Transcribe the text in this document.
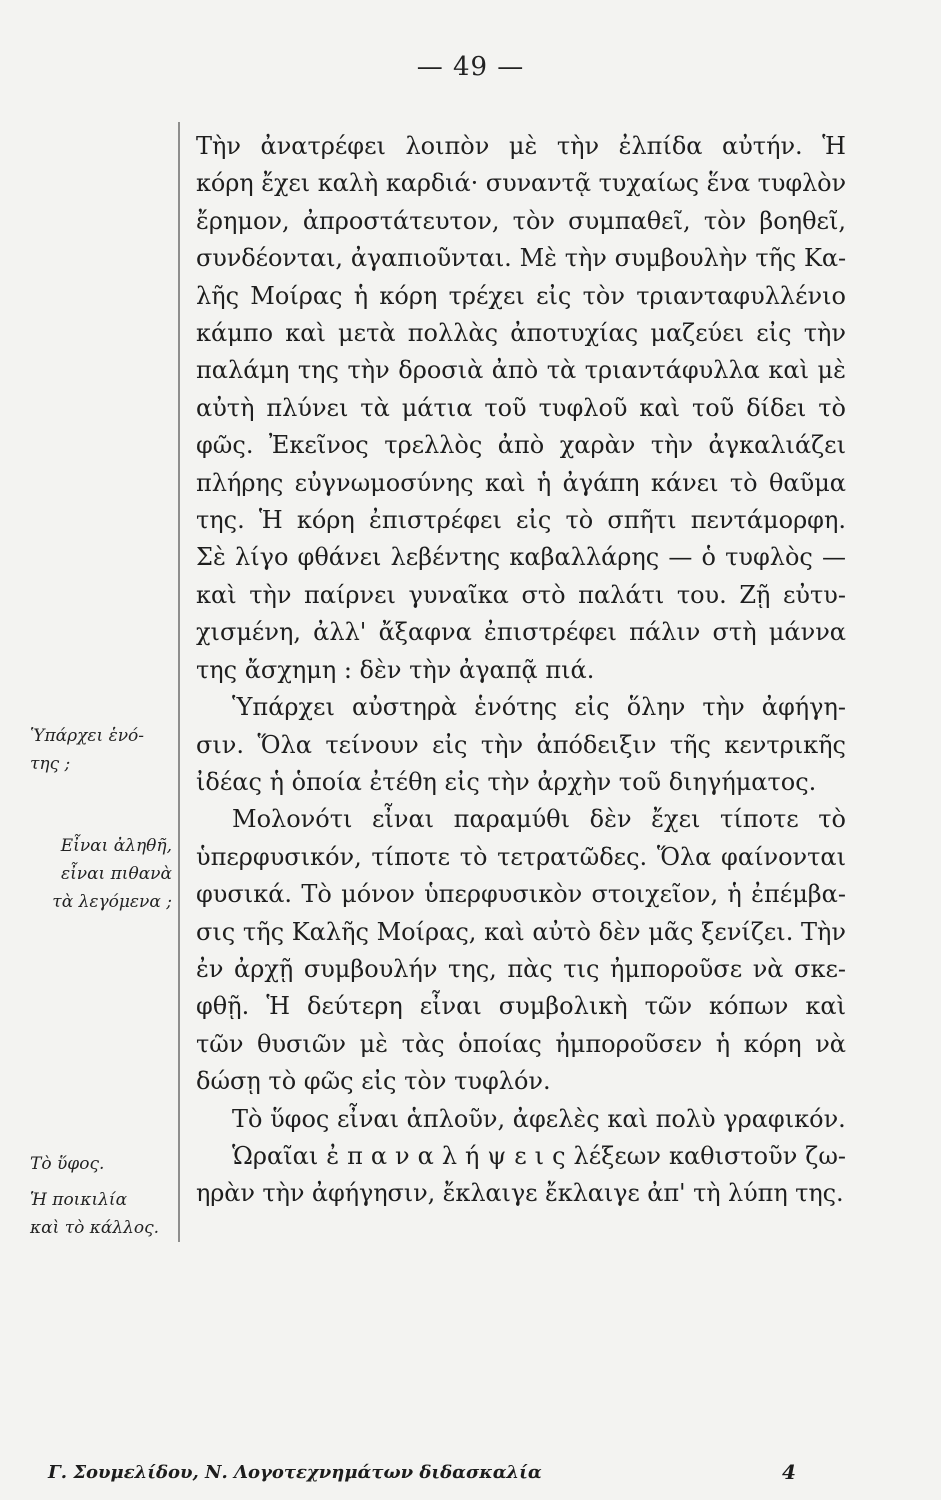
— 49 —
Ὑπάρχει ἑνό-
της ;
Εἶναι ἀληθῆ,
εἶναι πιθανὰ
τὰ λεγόμενα ;
Τὸ ὕφος.
Ἡ ποικιλία
καὶ τὸ κάλλος.
Τὴν ἀνατρέφει λοιπὸν μὲ τὴν ἐλπίδα αὐτήν. Ἡ
κόρη ἔχει καλὴ καρδιά· συναντᾷ τυχαίως ἕνα τυφλὸν
ἔρημον, ἀπροστάτευτον, τὸν συμπαθεῖ, τὸν βοηθεῖ,
συνδέονται, ἀγαπιοῦνται. Μὲ τὴν συμβουλὴν τῆς Κα-
λῆς Μοίρας ἡ κόρη τρέχει εἰς τὸν τριανταφυλλένιο
κάμπο καὶ μετὰ πολλὰς ἀποτυχίας μαζεύει εἰς τὴν
παλάμη της τὴν δροσιὰ ἀπὸ τὰ τριαντάφυλλα καὶ μὲ
αὐτὴ πλύνει τὰ μάτια τοῦ τυφλοῦ καὶ τοῦ δίδει τὸ
φῶς. Ἐκεῖνος τρελλὸς ἀπὸ χαρὰν τὴν ἀγκαλιάζει
πλήρης εὐγνωμοσύνης καὶ ἡ ἀγάπη κάνει τὸ θαῦμα
της. Ἡ κόρη ἐπιστρέφει εἰς τὸ σπῆτι πεντάμορφη.
Σὲ λίγο φθάνει λεβέντης καβαλλάρης — ὁ τυφλὸς —
καὶ τὴν παίρνει γυναῖκα στὸ παλάτι του. Ζῇ εὐτυ-
χισμένη, ἀλλ' ἄξαφνα ἐπιστρέφει πάλιν στὴ μάννα
της ἄσχημη : δὲν τὴν ἀγαπᾷ πιά.
Ὑπάρχει αὐστηρὰ ἑνότης εἰς ὅλην τὴν ἀφήγη-
σιν. Ὅλα τείνουν εἰς τὴν ἀπόδειξιν τῆς κεντρικῆς
ἰδέας ἡ ὁποία ἐτέθη εἰς τὴν ἀρχὴν τοῦ διηγήματος.
Μολονότι εἶναι παραμύθι δὲν ἔχει τίποτε τὸ
ὑπερφυσικόν, τίποτε τὸ τετρατῶδες. Ὅλα φαίνονται
φυσικά. Τὸ μόνον ὑπερφυσικὸν στοιχεῖον, ἡ ἐπέμβα-
σις τῆς Καλῆς Μοίρας, καὶ αὐτὸ δὲν μᾶς ξενίζει. Τὴν
ἐν ἀρχῇ συμβουλήν της, πὰς τις ἠμποροῦσε νὰ σκε-
φθῇ. Ἡ δεύτερη εἶναι συμβολικὴ τῶν κόπων καὶ
τῶν θυσιῶν μὲ τὰς ὁποίας ἠμποροῦσεν ἡ κόρη νὰ
δώσῃ τὸ φῶς εἰς τὸν τυφλόν.
Τὸ ὕφος εἶναι ἁπλοῦν, ἀφελὲς καὶ πολὺ γραφικόν.
Ὡραῖαι ἐ π α ν α λ ή ψ ε ι ς λέξεων καθιστοῦν ζω-
ηρὰν τὴν ἀφήγησιν, ἔκλαιγε ἔκλαιγε ἀπ' τὴ λύπη της.
Γ. Σουμελίδου, Ν. Λογοτεχνημάτων διδασκαλία	4
